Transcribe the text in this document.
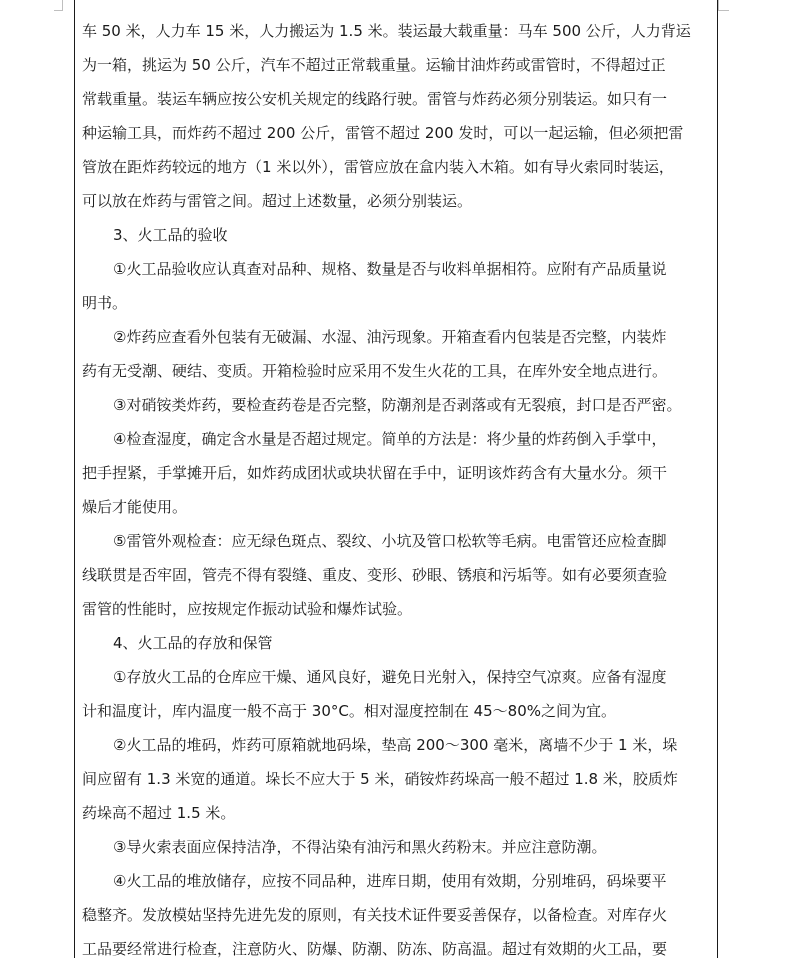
车 50 米，人力车 15 米，人力搬运为 1.5 米。装运最大载重量：马车 500 公斤，人力背运
为一箱，挑运为 50 公斤，汽车不超过正常载重量。运输甘油炸药或雷管时，不得超过正
常载重量。装运车辆应按公安机关规定的线路行驶。雷管与炸药必须分别装运。如只有一
种运输工具，而炸药不超过 200 公斤，雷管不超过 200 发时，可以一起运输，但必须把雷
管放在距炸药较远的地方（1 米以外），雷管应放在盒内装入木箱。如有导火索同时装运，
可以放在炸药与雷管之间。超过上述数量，必须分别装运。
3、火工品的验收
①火工品验收应认真查对品种、规格、数量是否与收料单据相符。应附有产品质量说
明书。
②炸药应查看外包装有无破漏、水湿、油污现象。开箱查看内包装是否完整，内装炸
药有无受潮、硬结、变质。开箱检验时应采用不发生火花的工具，在库外安全地点进行。
③对硝铵类炸药，要检查药卷是否完整，防潮剂是否剥落或有无裂痕，封口是否严密。
④检查湿度，确定含水量是否超过规定。简单的方法是：将少量的炸药倒入手掌中，
把手捏紧，手掌摊开后，如炸药成团状或块状留在手中，证明该炸药含有大量水分。须干
燥后才能使用。
⑤雷管外观检查：应无绿色斑点、裂纹、小坑及管口松软等毛病。电雷管还应检查脚
线联贯是否牢固，管壳不得有裂缝、重皮、变形、砂眼、锈痕和污垢等。如有必要须查验
雷管的性能时，应按规定作振动试验和爆炸试验。
4、火工品的存放和保管
①存放火工品的仓库应干燥、通风良好，避免日光射入，保持空气凉爽。应备有湿度
计和温度计，库内温度一般不高于 30°C。相对湿度控制在 45～80%之间为宜。
②火工品的堆码，炸药可原箱就地码垛，垫高 200～300 毫米，离墙不少于 1 米，垛
间应留有 1.3 米宽的通道。垛长不应大于 5 米，硝铵炸药垛高一般不超过 1.8 米，胶质炸
药垛高不超过 1.5 米。
③导火索表面应保持洁净，不得沾染有油污和黑火药粉末。并应注意防潮。
④火工品的堆放储存，应按不同品种，进库日期，使用有效期，分别堆码，码垛要平
稳整齐。发放模姑坚持先进先发的原则，有关技术证件要妥善保存，以备检查。对库存火
工品要经常进行检查，注意防火、防爆、防潮、防冻、防高温。超过有效期的火工品，要
